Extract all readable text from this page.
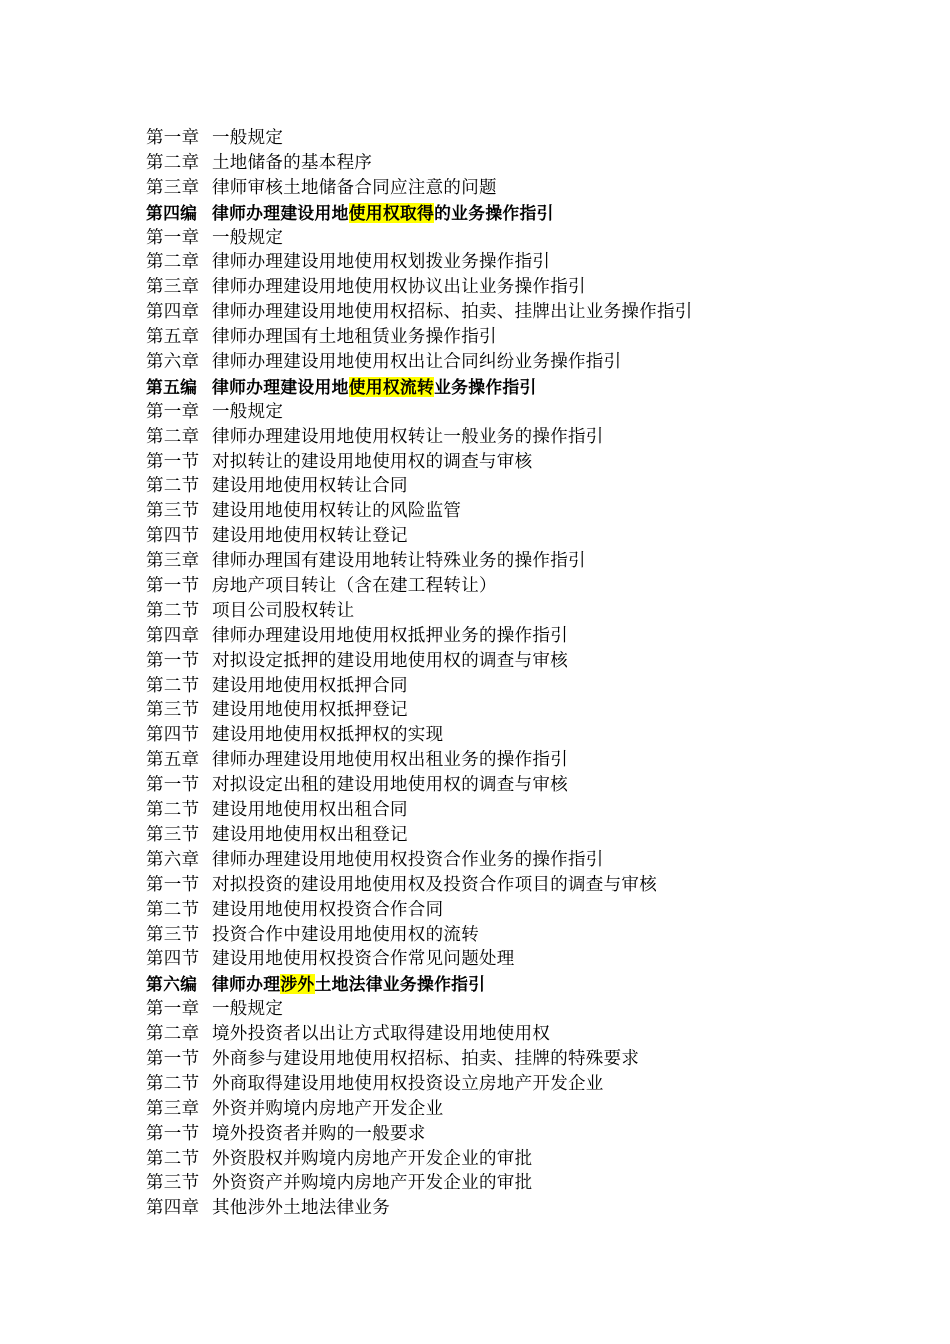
第一章 一般规定
第二章 土地储备的基本程序
第三章 律师审核土地储备合同应注意的问题
第四编 律师办理建设用地使用权取得的业务操作指引
第一章 一般规定
第二章 律师办理建设用地使用权划拨业务操作指引
第三章 律师办理建设用地使用权协议出让业务操作指引
第四章 律师办理建设用地使用权招标、拍卖、挂牌出让业务操作指引
第五章 律师办理国有土地租赁业务操作指引
第六章 律师办理建设用地使用权出让合同纠纷业务操作指引
第五编 律师办理建设用地使用权流转业务操作指引
第一章 一般规定
第二章 律师办理建设用地使用权转让一般业务的操作指引
第一节 对拟转让的建设用地使用权的调查与审核
第二节 建设用地使用权转让合同
第三节 建设用地使用权转让的风险监管
第四节 建设用地使用权转让登记
第三章 律师办理国有建设用地转让特殊业务的操作指引
第一节 房地产项目转让（含在建工程转让）
第二节 项目公司股权转让
第四章 律师办理建设用地使用权抵押业务的操作指引
第一节 对拟设定抵押的建设用地使用权的调查与审核
第二节 建设用地使用权抵押合同
第三节 建设用地使用权抵押登记
第四节 建设用地使用权抵押权的实现
第五章 律师办理建设用地使用权出租业务的操作指引
第一节 对拟设定出租的建设用地使用权的调查与审核
第二节 建设用地使用权出租合同
第三节 建设用地使用权出租登记
第六章 律师办理建设用地使用权投资合作业务的操作指引
第一节 对拟投资的建设用地使用权及投资合作项目的调查与审核
第二节 建设用地使用权投资合作合同
第三节 投资合作中建设用地使用权的流转
第四节 建设用地使用权投资合作常见问题处理
第六编 律师办理涉外土地法律业务操作指引
第一章 一般规定
第二章 境外投资者以出让方式取得建设用地使用权
第一节 外商参与建设用地使用权招标、拍卖、挂牌的特殊要求
第二节 外商取得建设用地使用权投资设立房地产开发企业
第三章 外资并购境内房地产开发企业
第一节 境外投资者并购的一般要求
第二节 外资股权并购境内房地产开发企业的审批
第三节 外资资产并购境内房地产开发企业的审批
第四章 其他涉外土地法律业务
